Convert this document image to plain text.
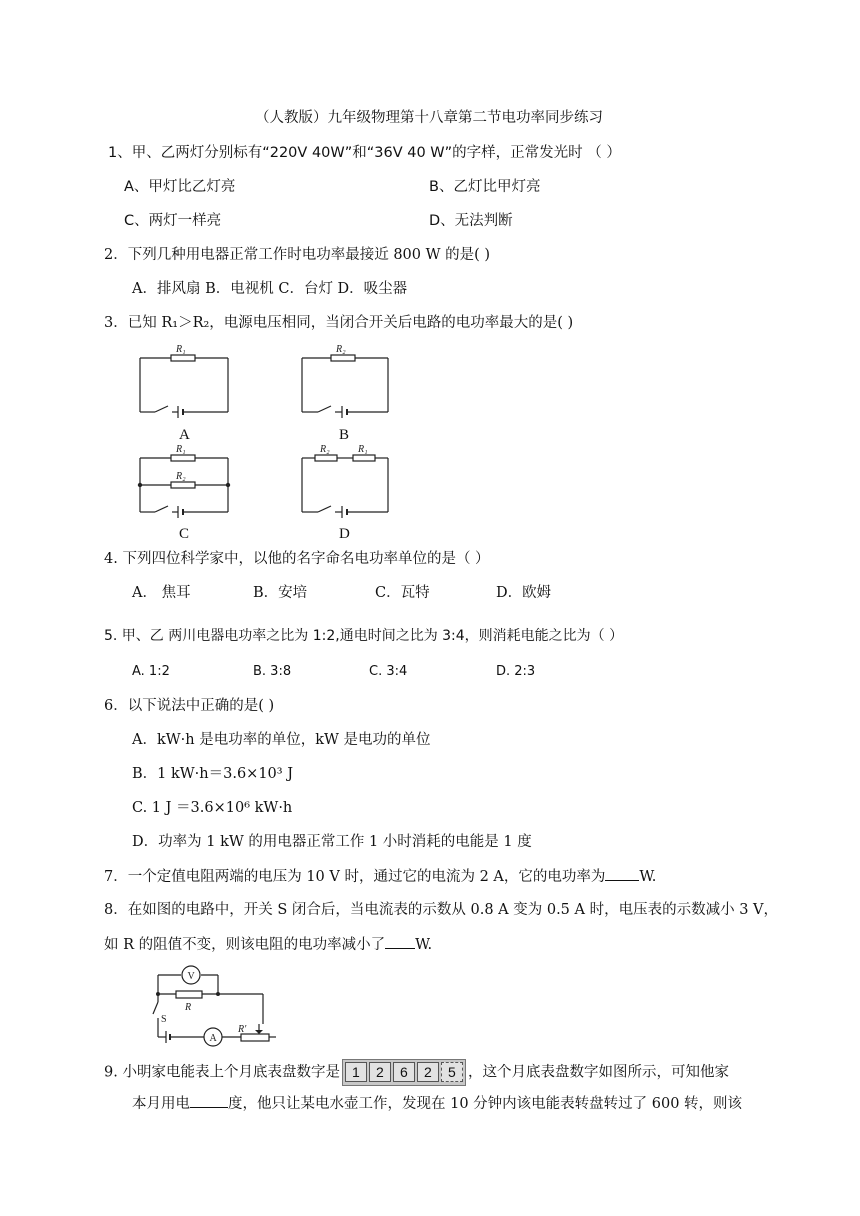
（人教版）九年级物理第十八章第二节电功率同步练习
1、甲、乙两灯分别标有“220V 40W”和“36V 40 W”的字样，正常发光时 （ ）
A、甲灯比乙灯亮	B、乙灯比甲灯亮
C、两灯一样亮	D、无法判断
2．下列几种用电器正常工作时电功率最接近 800 W 的是( )
A．排风扇 B．电视机 C．台灯 D．吸尘器
3．已知 R₁＞R₂，电源电压相同，当闭合开关后电路的电功率最大的是( )
R₁	R₂
R₁
R₂
R₂	R₁
A	B
C	D
4. 下列四位科学家中，以他的名字命名电功率单位的是（ ）
A． 焦耳	B．安培	C．瓦特	D．欧姆
5. 甲、乙 两川电器电功率之比为 1:2,通电时间之比为 3:4，则消耗电能之比为（ ）
A. 1:2	B. 3:8	C. 3:4	D. 2:3
6．以下说法中正确的是( )
A．kW·h 是电功率的单位，kW 是电功的单位
B．1 kW·h＝3.6×10³ J
C. 1 J ＝3.6×10⁶ kW·h
D．功率为 1 kW 的用电器正常工作 1 小时消耗的电能是 1 度
7．一个定值电阻两端的电压为 10 V 时，通过它的电流为 2 A，它的电功率为 W.
8．在如图的电路中，开关 S 闭合后，当电流表的示数从 0.8 A 变为 0.5 A 时，电压表的示数减小 3 V，
如 R 的阻值不变，则该电阻的电功率减小了 W.
V
A
S
R
R'
9. 小明家电能表上个月底表盘数字是 1 2 6 2 5 ，这个月底表盘数字如图所示，可知他家
本月用电	度，他只让某电水壶工作，发现在 10 分钟内该电能表转盘转过了 600 转，则该
